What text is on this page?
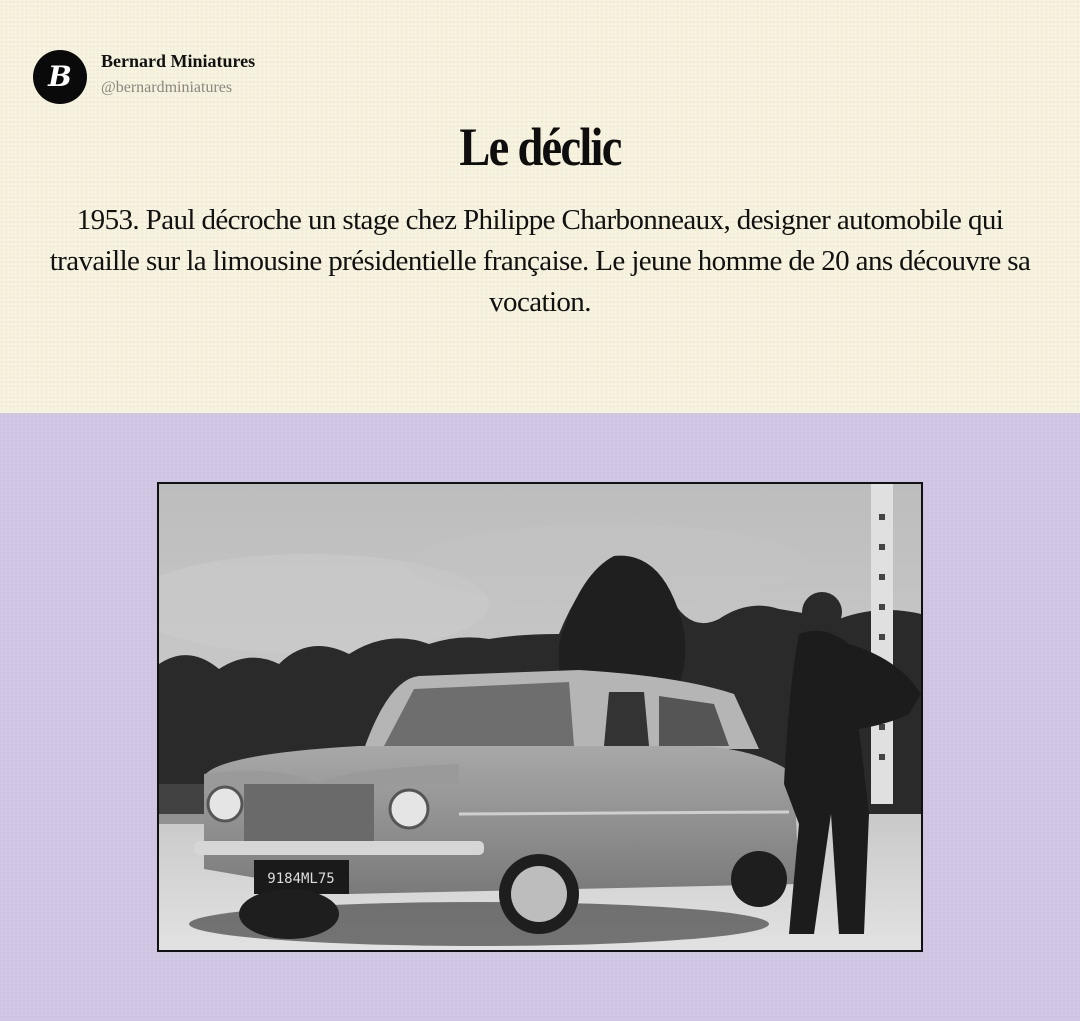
B Bernard Miniatures
@bernardminiatures
Le déclic
1953. Paul décroche un stage chez Philippe Charbonneaux, designer automobile qui travaille sur la limousine présidentielle française. Le jeune homme de 20 ans découvre sa vocation.
9184ML75
